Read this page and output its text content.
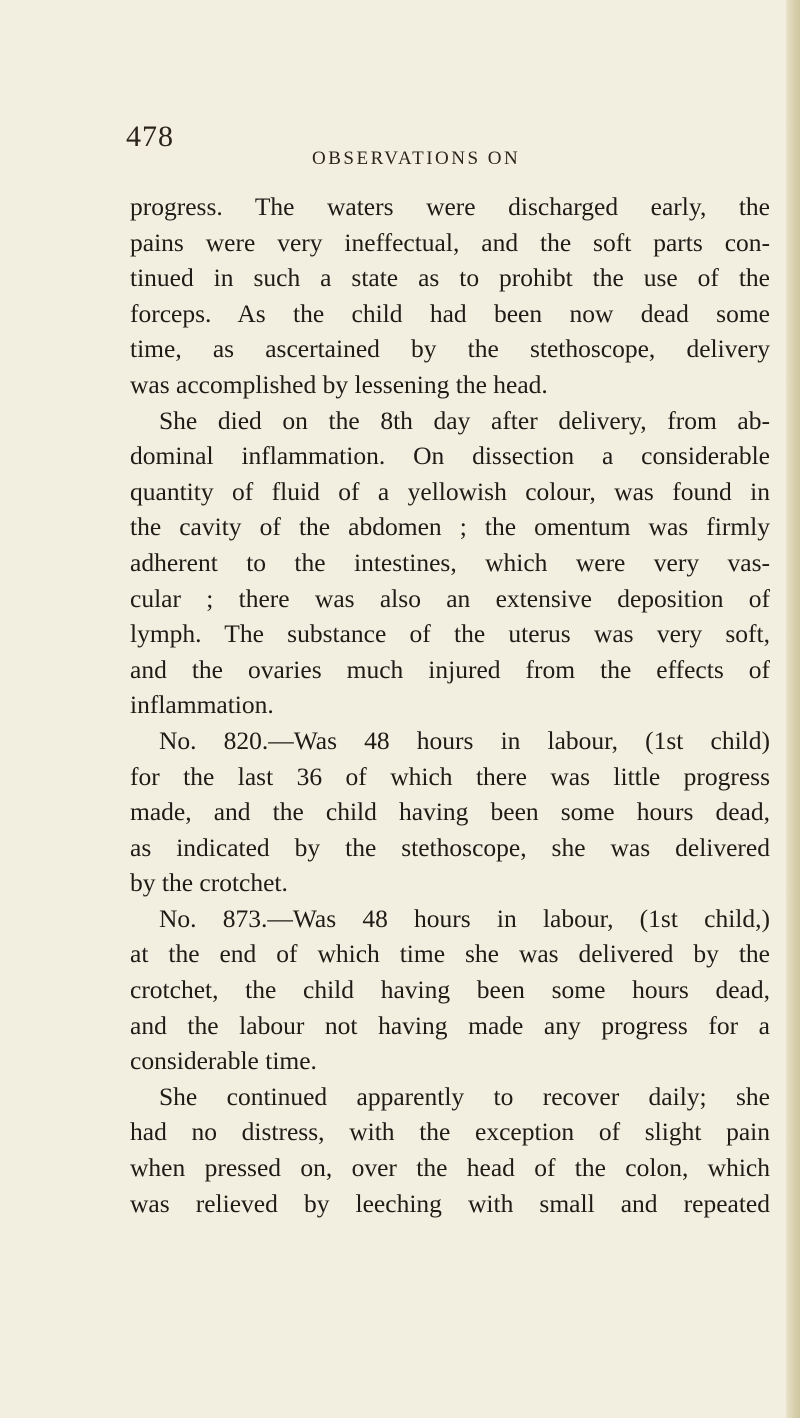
478
OBSERVATIONS ON
progress. The waters were discharged early, the
pains were very ineffectual, and the soft parts con-
tinued in such a state as to prohibt the use of the
forceps. As the child had been now dead some
time, as ascertained by the stethoscope, delivery
was accomplished by lessening the head.
She died on the 8th day after delivery, from ab-
dominal inflammation. On dissection a considerable
quantity of fluid of a yellowish colour, was found in
the cavity of the abdomen ; the omentum was firmly
adherent to the intestines, which were very vas-
cular ; there was also an extensive deposition of
lymph. The substance of the uterus was very soft,
and the ovaries much injured from the effects of
inflammation.
No. 820.—Was 48 hours in labour, (1st child)
for the last 36 of which there was little progress
made, and the child having been some hours dead,
as indicated by the stethoscope, she was delivered
by the crotchet.
No. 873.—Was 48 hours in labour, (1st child,)
at the end of which time she was delivered by the
crotchet, the child having been some hours dead,
and the labour not having made any progress for a
considerable time.
She continued apparently to recover daily; she
had no distress, with the exception of slight pain
when pressed on, over the head of the colon, which
was relieved by leeching with small and repeated
